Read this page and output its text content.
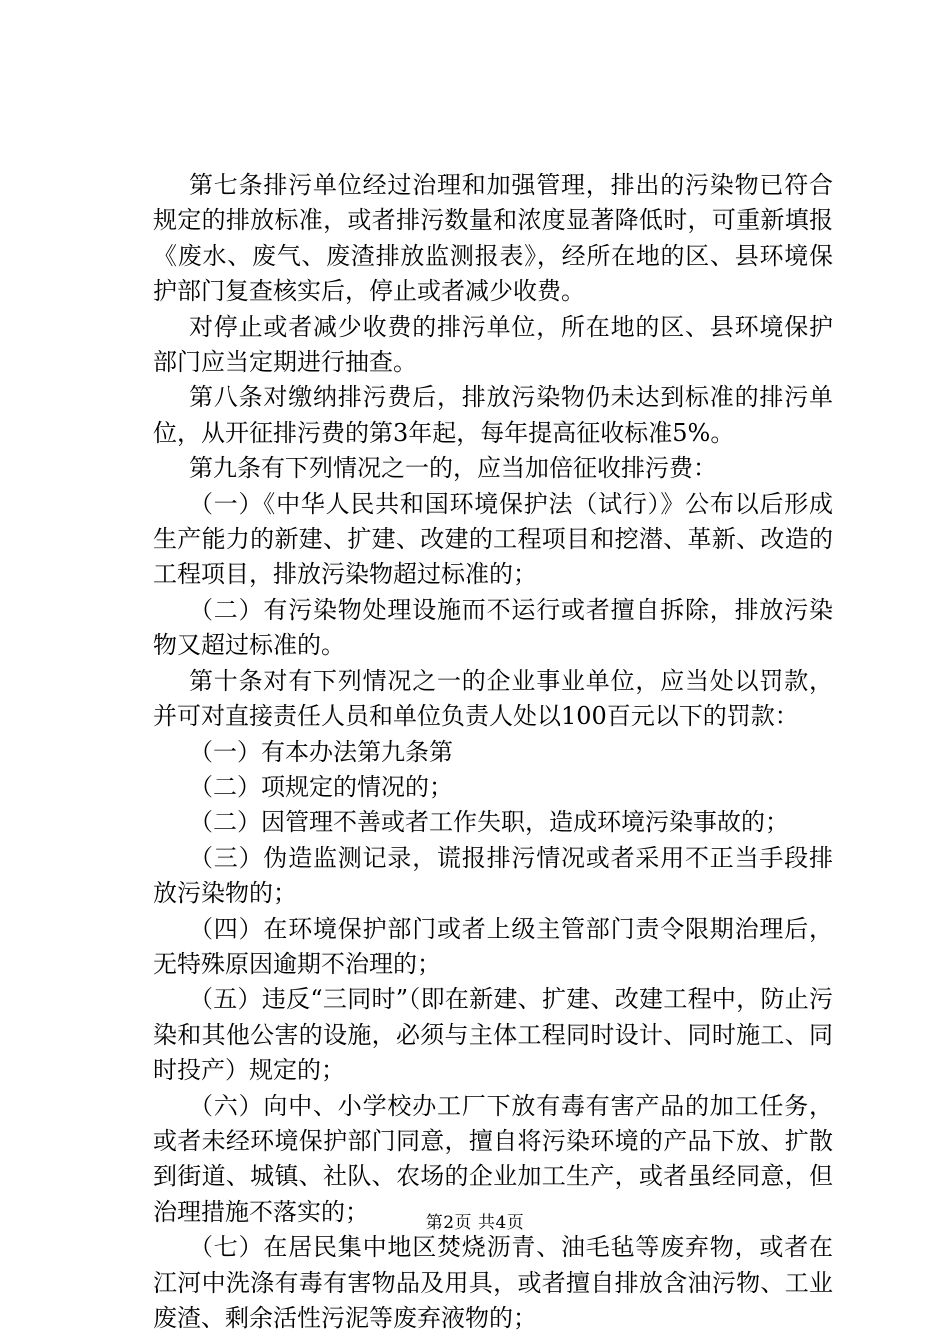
第七条排污单位经过治理和加强管理，排出的污染物已符合规定的排放标准，或者排污数量和浓度显著降低时，可重新填报《废水、废气、废渣排放监测报表》，经所在地的区、县环境保护部门复查核实后，停止或者减少收费。

对停止或者减少收费的排污单位，所在地的区、县环境保护部门应当定期进行抽查。

第八条对缴纳排污费后，排放污染物仍未达到标准的排污单位，从开征排污费的第3年起，每年提高征收标准5%。

第九条有下列情况之一的，应当加倍征收排污费：

（一）《中华人民共和国环境保护法（试行）》公布以后形成生产能力的新建、扩建、改建的工程项目和挖潜、革新、改造的工程项目，排放污染物超过标准的；

（二）有污染物处理设施而不运行或者擅自拆除，排放污染物又超过标准的。

第十条对有下列情况之一的企业事业单位，应当处以罚款，并可对直接责任人员和单位负责人处以100百元以下的罚款：

（一）有本办法第九条第

（二）项规定的情况的；

（二）因管理不善或者工作失职，造成环境污染事故的；

（三）伪造监测记录，谎报排污情况或者采用不正当手段排放污染物的；

（四）在环境保护部门或者上级主管部门责令限期治理后，无特殊原因逾期不治理的；

（五）违反“三同时”（即在新建、扩建、改建工程中，防止污染和其他公害的设施，必须与主体工程同时设计、同时施工、同时投产）规定的；

（六）向中、小学校办工厂下放有毒有害产品的加工任务，或者未经环境保护部门同意，擅自将污染环境的产品下放、扩散到街道、城镇、社队、农场的企业加工生产，或者虽经同意，但治理措施不落实的；

（七）在居民集中地区焚烧沥青、油毛毡等废弃物，或者在江河中洗涤有毒有害物品及用具，或者擅自排放含油污物、工业废渣、剩余活性污泥等废弃液物的；

第2页 共4页
